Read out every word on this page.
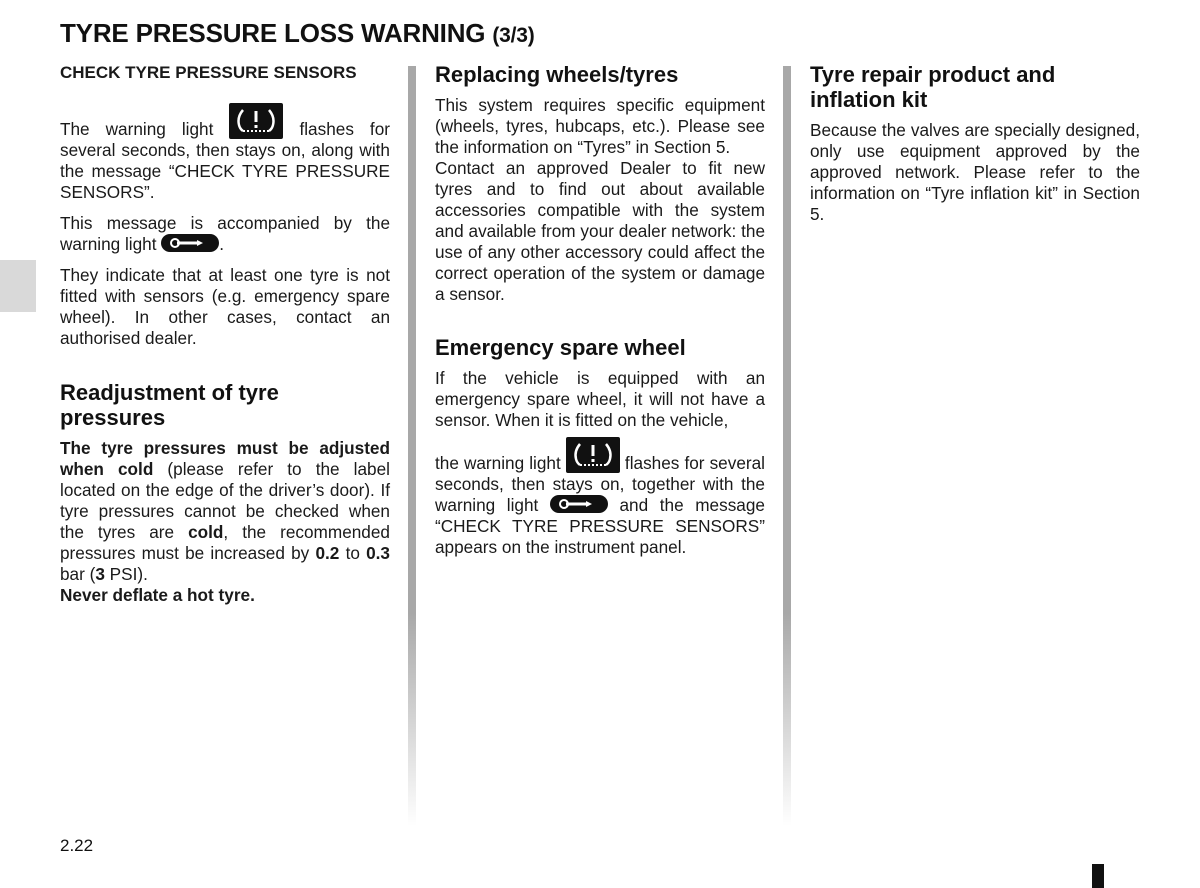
TYRE PRESSURE LOSS WARNING (3/3)
CHECK TYRE PRESSURE SENSORS

The warning light	flashes for several seconds, then stays on, along with the message “CHECK TYRE PRESSURE SENSORS”.

This message is accompanied by the warning light	.

They indicate that at least one tyre is not fitted with sensors (e.g. emergency spare wheel). In other cases, contact an authorised dealer.

Readjustment of tyre pressures

The tyre pressures must be adjusted when cold (please refer to the label located on the edge of the driver’s door). If tyre pressures cannot be checked when the tyres are cold, the recommended pressures must be increased by 0.2 to 0.3 bar (3 PSI).

Never deflate a hot tyre.

Replacing wheels/tyres

This system requires specific equipment (wheels, tyres, hubcaps, etc.). Please see the information on “Tyres” in Section 5.

Contact an approved Dealer to fit new tyres and to find out about available accessories compatible with the system and available from your dealer network: the use of any other accessory could affect the correct operation of the system or damage a sensor.

Emergency spare wheel

If the vehicle is equipped with an emergency spare wheel, it will not have a sensor. When it is fitted on the vehicle,

the warning light	flashes for several seconds, then stays on, together with the warning light	and the message “CHECK TYRE PRESSURE SENSORS” appears on the instrument panel.

Tyre repair product and inflation kit

Because the valves are specially designed, only use equipment approved by the approved network. Please refer to the information on “Tyre inflation kit” in Section 5.

2.22
